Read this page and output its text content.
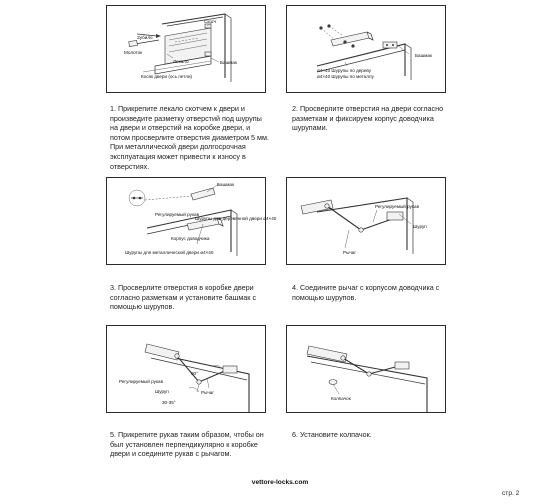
Скотч
Зубило
Молоток
Лекало	Башмак
Косяк двери (ось петли)
1. Прикрепите лекало скотчем к двери и произведите разметку отверстий под шурупы на двери и отверстий на коробке двери, и потом просверлите отверстия диаметром 5 мм. При металлической двери долгосрочная эксплуатация может привести к износу в отверстиях.
Башмак
ø4×40 Шурупы по дереву
ø4×40 Шурупы по металлу
2. Просверлите отверстия на двери согласно разметкам и фиксируем корпус доводчика шурупами.
Башмак
Регулируемый рукав
Шурупы для деревянной двери ø4×40
Корпус доводчика
Шурупы для металлической двери ø4×40
3. Просверлите отверстия в коробке двери согласно разметкам и установите башмак с помощью шурупов.
Регулируемый рукав
Шуруп
Рычаг
4. Соедините рычаг с корпусом доводчика с помощью шурупов.
Регулируемый рукав
90°
Шуруп	Рычаг
30-35°
5. Прикрепите рукав таким образом, чтобы он был установлен перпендикулярно к коробке двери и соедините рукав с рычагом.
Колпачок
6. Установите колпачок.
vettore-locks.com
стр. 2
